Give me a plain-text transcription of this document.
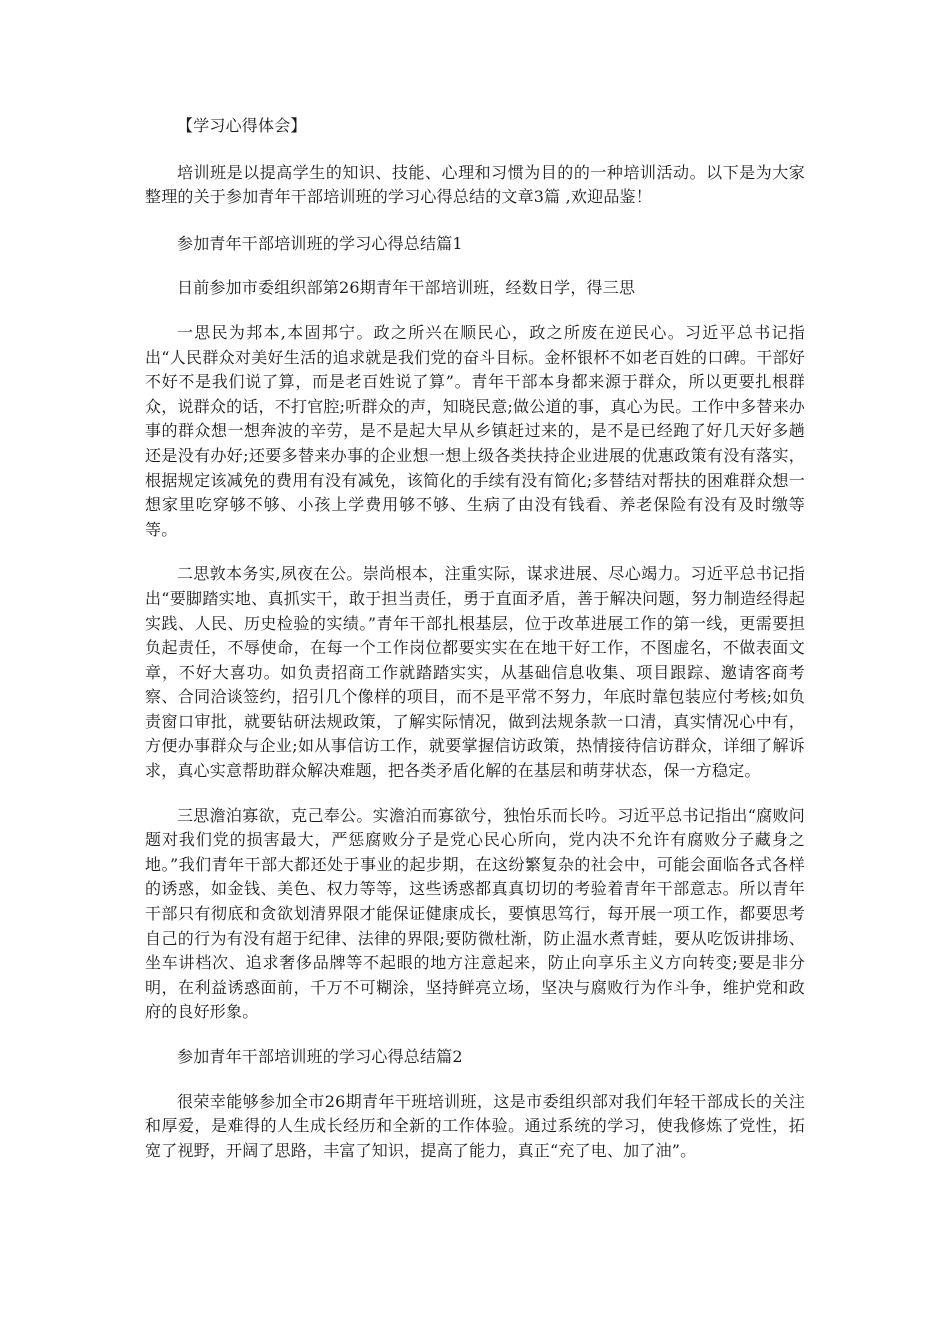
【学习心得体会】

培训班是以提高学生的知识、技能、心理和习惯为目的的一种培训活动。以下是为大家整理的关于参加青年干部培训班的学习心得总结的文章3篇 ,欢迎品鉴！

参加青年干部培训班的学习心得总结篇1

日前参加市委组织部第26期青年干部培训班，经数日学，得三思

一思民为邦本,本固邦宁。政之所兴在顺民心，政之所废在逆民心。习近平总书记指出“人民群众对美好生活的追求就是我们党的奋斗目标。金杯银杯不如老百姓的口碑。干部好不好不是我们说了算，而是老百姓说了算”。青年干部本身都来源于群众，所以更要扎根群众，说群众的话，不打官腔;听群众的声，知晓民意;做公道的事，真心为民。工作中多替来办事的群众想一想奔波的辛劳，是不是起大早从乡镇赶过来的，是不是已经跑了好几天好多趟还是没有办好;还要多替来办事的企业想一想上级各类扶持企业进展的优惠政策有没有落实，根据规定该减免的费用有没有减免，该简化的手续有没有简化;多替结对帮扶的困难群众想一想家里吃穿够不够、小孩上学费用够不够、生病了由没有钱看、养老保险有没有及时缴等等。

二思敦本务实,夙夜在公。崇尚根本，注重实际，谋求进展、尽心竭力。习近平总书记指出“要脚踏实地、真抓实干，敢于担当责任，勇于直面矛盾，善于解决问题，努力制造经得起实践、人民、历史检验的实绩。”青年干部扎根基层，位于改革进展工作的第一线，更需要担负起责任，不辱使命，在每一个工作岗位都要实实在在地干好工作，不图虚名，不做表面文章，不好大喜功。如负责招商工作就踏踏实实，从基础信息收集、项目跟踪、邀请客商考察、合同洽谈签约，招引几个像样的项目，而不是平常不努力，年底时靠包装应付考核;如负责窗口审批，就要钻研法规政策，了解实际情况，做到法规条款一口清，真实情况心中有，方便办事群众与企业;如从事信访工作，就要掌握信访政策，热情接待信访群众，详细了解诉求，真心实意帮助群众解决难题，把各类矛盾化解的在基层和萌芽状态，保一方稳定。

三思澹泊寡欲，克己奉公。实澹泊而寡欲兮，独怡乐而长吟。习近平总书记指出“腐败问题对我们党的损害最大，严惩腐败分子是党心民心所向，党内决不允许有腐败分子藏身之地。”我们青年干部大都还处于事业的起步期，在这纷繁复杂的社会中，可能会面临各式各样的诱惑，如金钱、美色、权力等等，这些诱惑都真真切切的考验着青年干部意志。所以青年干部只有彻底和贪欲划清界限才能保证健康成长，要慎思笃行，每开展一项工作，都要思考自己的行为有没有超于纪律、法律的界限;要防微杜渐，防止温水煮青蛙，要从吃饭讲排场、坐车讲档次、追求奢侈品牌等不起眼的地方注意起来，防止向享乐主义方向转变;要是非分明，在利益诱惑面前，千万不可糊涂，坚持鲜亮立场，坚决与腐败行为作斗争，维护党和政府的良好形象。

参加青年干部培训班的学习心得总结篇2

很荣幸能够参加全市26期青年干班培训班，这是市委组织部对我们年轻干部成长的关注和厚爱，是难得的人生成长经历和全新的工作体验。通过系统的学习，使我修炼了党性，拓宽了视野，开阔了思路，丰富了知识，提高了能力，真正“充了电、加了油”。
